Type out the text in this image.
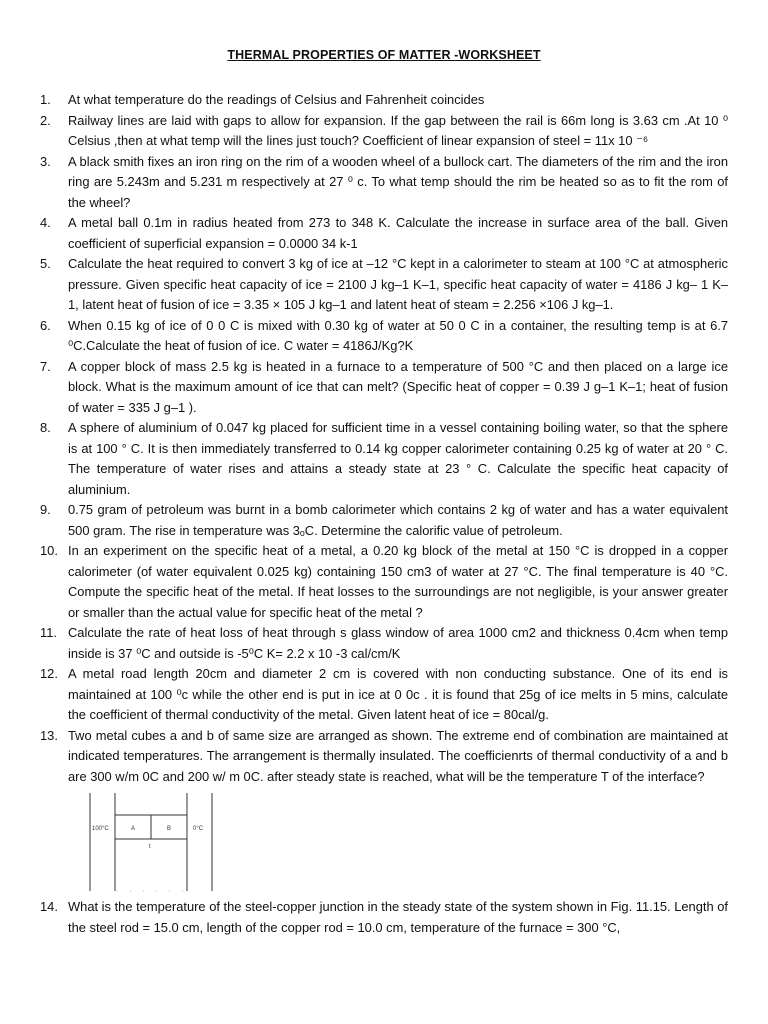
THERMAL PROPERTIES OF MATTER -WORKSHEET
1. At what temperature do the readings of Celsius and Fahrenheit coincides
2. Railway lines are laid with gaps to allow for expansion. If the gap between the rail is 66m long is 3.63 cm .At 10 ⁰ Celsius ,then at what temp will the lines just touch? Coefficient of linear expansion of steel = 11x 10 ⁻⁶
3. A black smith fixes an iron ring on the rim of a wooden wheel of a bullock cart. The diameters of the rim and the iron ring are 5.243m and 5.231 m respectively at 27 ⁰ c. To what temp should the rim be heated so as to fit the rom of the wheel?
4. A metal ball 0.1m in radius heated from 273 to 348 K. Calculate the increase in surface area of the ball. Given coefficient of superficial expansion = 0.0000 34 k-1
5. Calculate the heat required to convert 3 kg of ice at –12 °C kept in a calorimeter to steam at 100 °C at atmospheric pressure. Given specific heat capacity of ice = 2100 J kg–1 K–1, specific heat capacity of water = 4186 J kg– 1 K–1, latent heat of fusion of ice = 3.35 × 105 J kg–1 and latent heat of steam = 2.256 ×106 J kg–1.
6. When 0.15 kg of ice of 0 0 C is mixed with 0.30 kg of water at 50 0 C in a container, the resulting temp is at 6.7 ⁰C.Calculate the heat of fusion of ice. C water = 4186J/Kg?K
7. A copper block of mass 2.5 kg is heated in a furnace to a temperature of 500 °C and then placed on a large ice block. What is the maximum amount of ice that can melt? (Specific heat of copper = 0.39 J g–1 K–1; heat of fusion of water = 335 J g–1 ).
8. A sphere of aluminium of 0.047 kg placed for sufficient time in a vessel containing boiling water, so that the sphere is at 100 ° C. It is then immediately transferred to 0.14 kg copper calorimeter containing 0.25 kg of water at 20 ° C. The temperature of water rises and attains a steady state at 23 ° C. Calculate the specific heat capacity of aluminium.
9. 0.75 gram of petroleum was burnt in a bomb calorimeter which contains 2 kg of water and has a water equivalent 500 gram. The rise in temperature was 3ₒC. Determine the calorific value of petroleum.
10. In an experiment on the specific heat of a metal, a 0.20 kg block of the metal at 150 °C is dropped in a copper calorimeter (of water equivalent 0.025 kg) containing 150 cm3 of water at 27 °C. The final temperature is 40 °C. Compute the specific heat of the metal. If heat losses to the surroundings are not negligible, is your answer greater or smaller than the actual value for specific heat of the metal ?
11. Calculate the rate of heat loss of heat through s glass window of area 1000 cm2 and thickness 0.4cm when temp inside is 37 ⁰C and outside is -5⁰C K= 2.2 x 10 -3 cal/cm/K
12. A metal road length 20cm and diameter 2 cm is covered with non conducting substance. One of its end is maintained at 100 ⁰c while the other end is put in ice at 0 0c . it is found that 25g of ice melts in 5 mins, calculate the coefficient of thermal conductivity of the metal. Given latent heat of ice = 80cal/g.
13. Two metal cubes a and b of same size are arranged as shown. The extreme end of combination are maintained at indicated temperatures. The arrangement is thermally insulated. The coefficienrts of thermal conductivity of a and b are 300 w/m 0C and 200 w/ m 0C. after steady state is reached, what will be the temperature T of the interface?
100°C	A	B	0°C
t
14. What is the temperature of the steel-copper junction in the steady state of the system shown in Fig. 11.15. Length of the steel rod = 15.0 cm, length of the copper rod = 10.0 cm, temperature of the furnace = 300 °C,
